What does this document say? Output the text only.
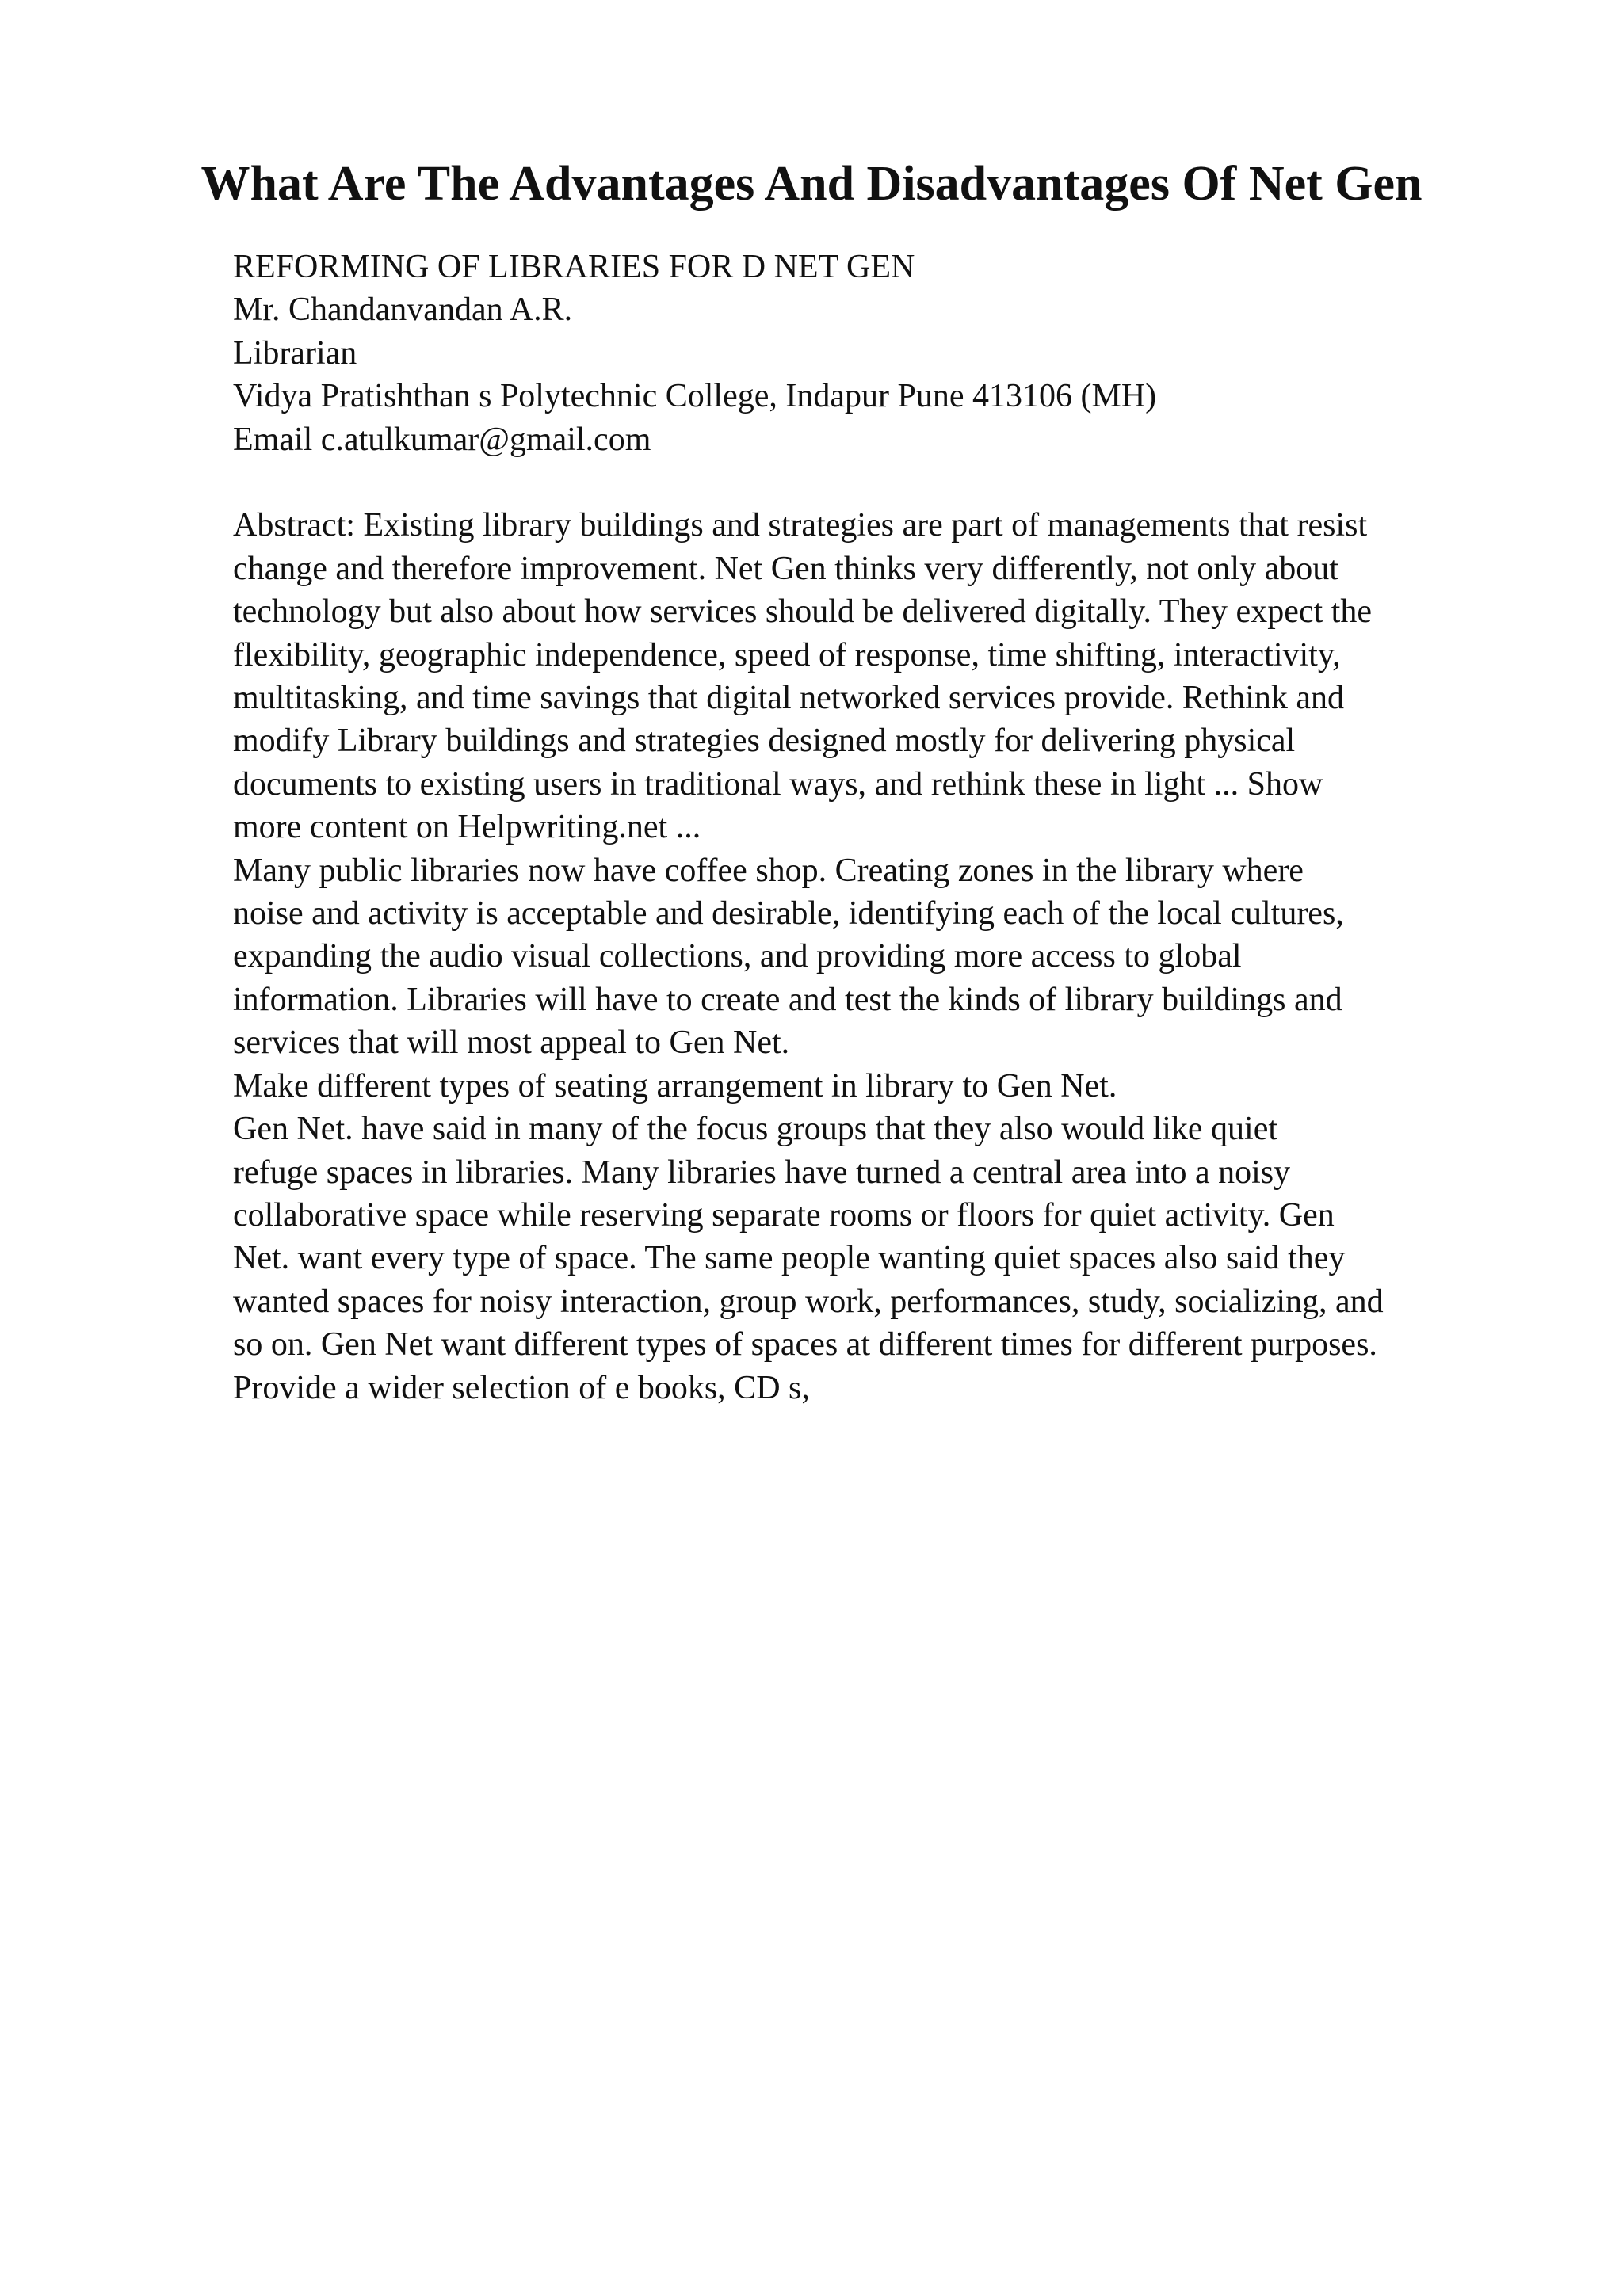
What Are The Advantages And Disadvantages Of Net Gen
REFORMING OF LIBRARIES FOR D NET GEN
Mr. Chandanvandan A.R.
Librarian
Vidya Pratishthan s Polytechnic College, Indapur Pune 413106 (MH)
Email c.atulkumar@gmail.com
Abstract: Existing library buildings and strategies are part of managements that resist
change and therefore improvement. Net Gen thinks very differently, not only about
technology but also about how services should be delivered digitally. They expect the
flexibility, geographic independence, speed of response, time shifting, interactivity,
multitasking, and time savings that digital networked services provide. Rethink and
modify Library buildings and strategies designed mostly for delivering physical
documents to existing users in traditional ways, and rethink these in light ... Show
more content on Helpwriting.net ...
Many public libraries now have coffee shop. Creating zones in the library where
noise and activity is acceptable and desirable, identifying each of the local cultures,
expanding the audio visual collections, and providing more access to global
information. Libraries will have to create and test the kinds of library buildings and
services that will most appeal to Gen Net.
Make different types of seating arrangement in library to Gen Net.
Gen Net. have said in many of the focus groups that they also would like quiet
refuge spaces in libraries. Many libraries have turned a central area into a noisy
collaborative space while reserving separate rooms or floors for quiet activity. Gen
Net. want every type of space. The same people wanting quiet spaces also said they
wanted spaces for noisy interaction, group work, performances, study, socializing, and
so on. Gen Net want different types of spaces at different times for different purposes.
Provide a wider selection of e books, CD s,
